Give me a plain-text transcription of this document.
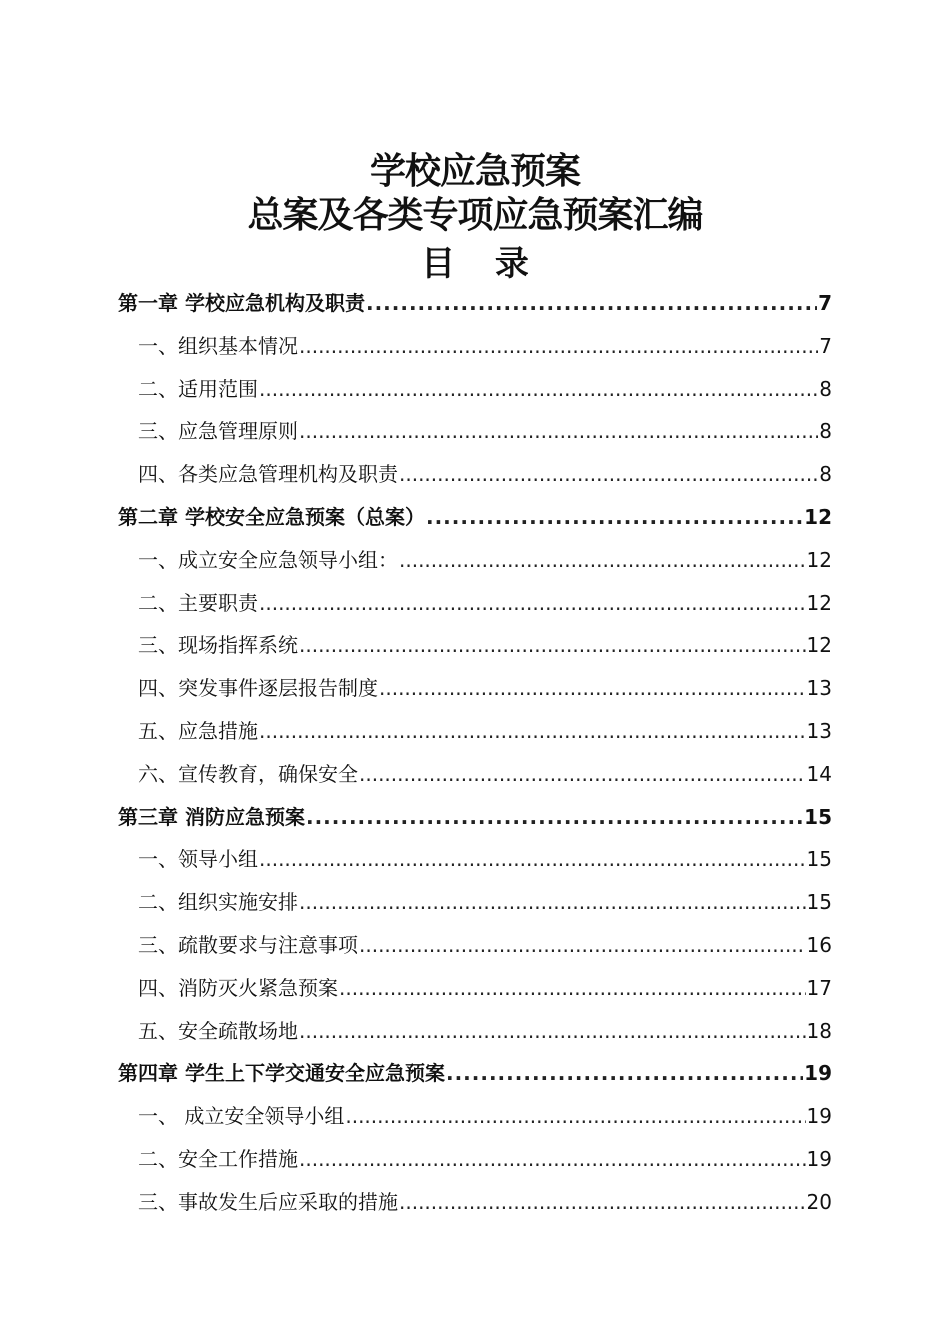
学校应急预案
总案及各类专项应急预案汇编
目 录
第一章 学校应急机构及职责 .....	7
一、组织基本情况 .....	7
二、适用范围 .....	8
三、应急管理原则 .....	8
四、各类应急管理机构及职责 .....	8
第二章 学校安全应急预案（总案） .....	12
一、成立安全应急领导小组： .....	12
二、主要职责 .....	12
三、现场指挥系统 .....	12
四、突发事件逐层报告制度 .....	13
五、应急措施 .....	13
六、宣传教育，确保安全 .....	14
第三章 消防应急预案 .....	15
一、领导小组 .....	15
二、组织实施安排 .....	15
三、疏散要求与注意事项 .....	16
四、消防灭火紧急预案 .....	17
五、安全疏散场地 .....	18
第四章 学生上下学交通安全应急预案 .....	19
一、 成立安全领导小组 .....	19
二、安全工作措施 .....	19
三、事故发生后应采取的措施 .....	20
